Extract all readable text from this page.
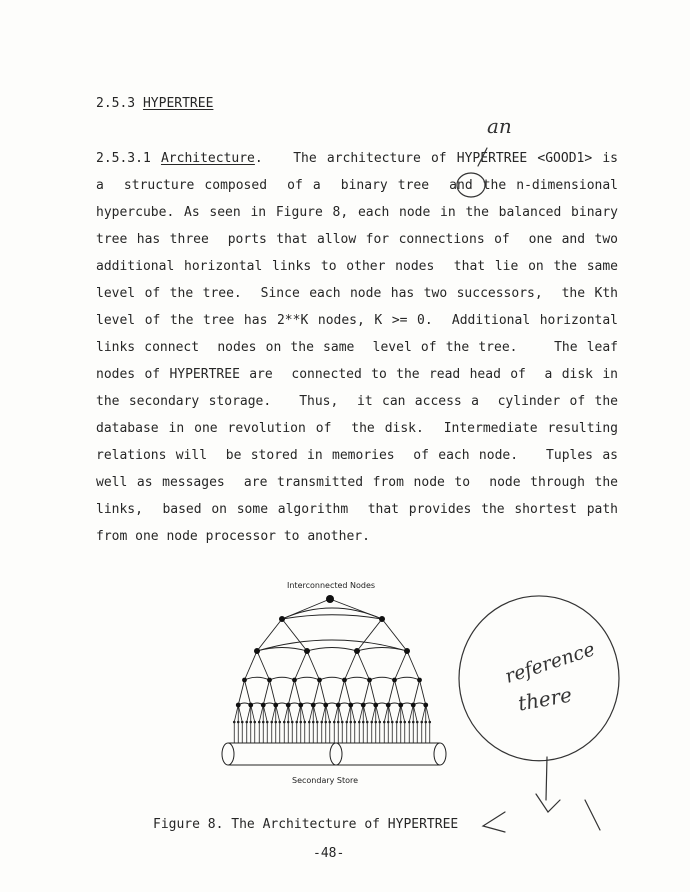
2.5.3 HYPERTREE
2.5.3.1 Architecture.   The architecture of HYPERTREE <GOOD1> is
a  structure composed  of a  binary tree  and the n-dimensional
hypercube. As seen in Figure 8, each node in the balanced binary
tree has three  ports that allow for connections of  one and two
additional horizontal links to other nodes  that lie on the same
level of the tree.  Since each node has two successors,  the Kth
level of the tree has 2**K nodes, K >= 0.  Additional horizontal
links connect  nodes on the same  level of the tree.    The leaf
nodes of HYPERTREE are  connected to the read head of  a disk in
the secondary storage.   Thus,  it can access a  cylinder of the
database in one revolution of  the disk.  Intermediate resulting
relations will  be stored in memories  of each node.   Tuples as
well as messages  are transmitted from node to  node through the
links,  based on some algorithm  that provides the shortest path
from one node processor to another.
an
reference
there
Interconnected Nodes
Secondary Store
Figure 8. The Architecture of HYPERTREE
-48-
